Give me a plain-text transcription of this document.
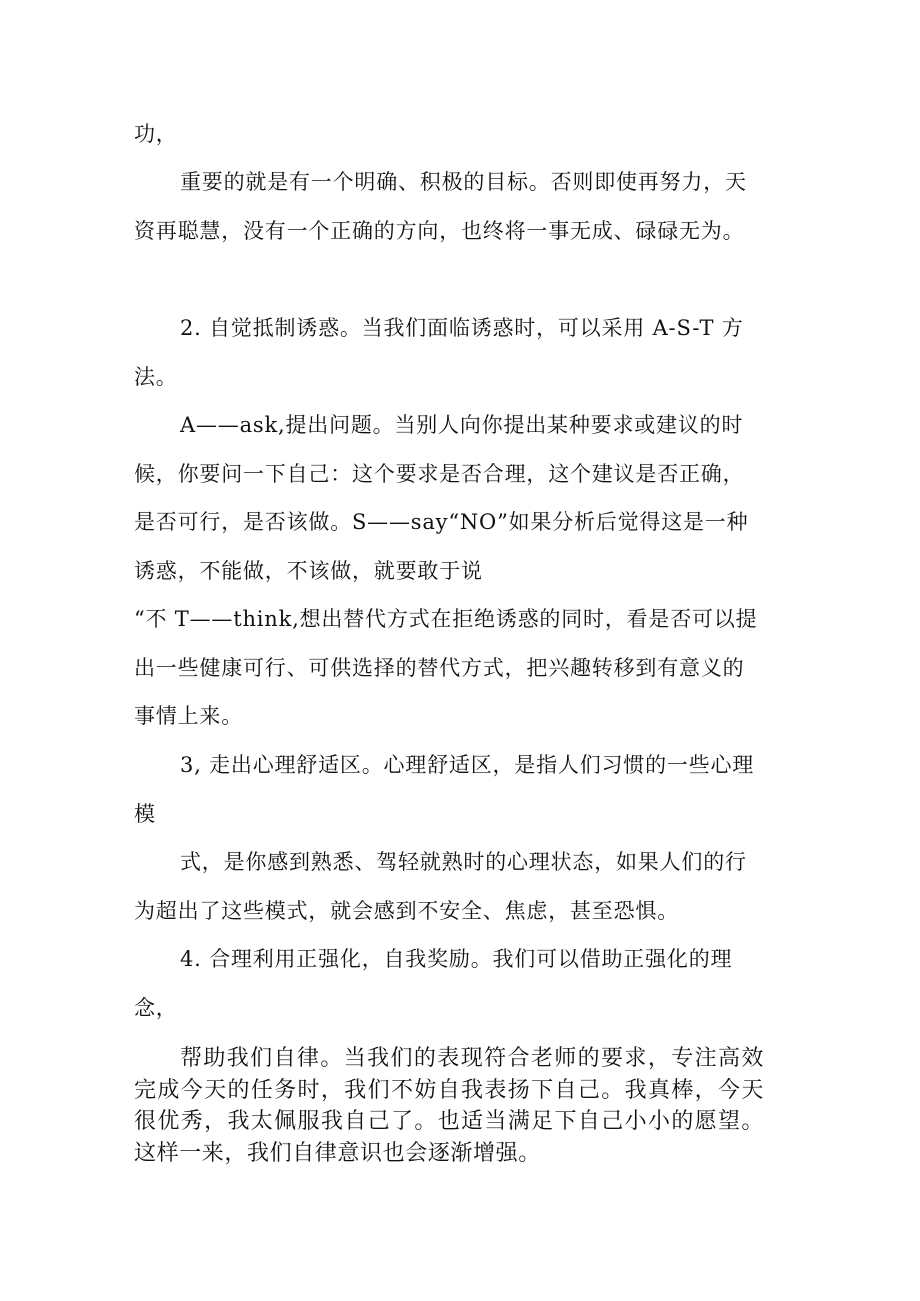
功，

重要的就是有一个明确、积极的目标。否则即使再努力，天资再聪慧，没有一个正确的方向，也终将一事无成、碌碌无为。

2. 自觉抵制诱惑。当我们面临诱惑时，可以采用 A-S-T 方法。

A——ask,提出问题。当别人向你提出某种要求或建议的时候，你要问一下自己：这个要求是否合理，这个建议是否正确，是否可行，是否该做。S——say“NO”如果分析后觉得这是一种诱惑，不能做，不该做，就要敢于说

“不 T——think,想出替代方式在拒绝诱惑的同时，看是否可以提出一些健康可行、可供选择的替代方式，把兴趣转移到有意义的事情上来。

3, 走出心理舒适区。心理舒适区，是指人们习惯的一些心理模

式，是你感到熟悉、驾轻就熟时的心理状态，如果人们的行为超出了这些模式，就会感到不安全、焦虑，甚至恐惧。

4. 合理利用正强化，自我奖励。我们可以借助正强化的理念，

帮助我们自律。当我们的表现符合老师的要求，专注高效完成今天的任务时，我们不妨自我表扬下自己。我真棒，今天很优秀，我太佩服我自己了。也适当满足下自己小小的愿望。这样一来，我们自律意识也会逐渐增强。
